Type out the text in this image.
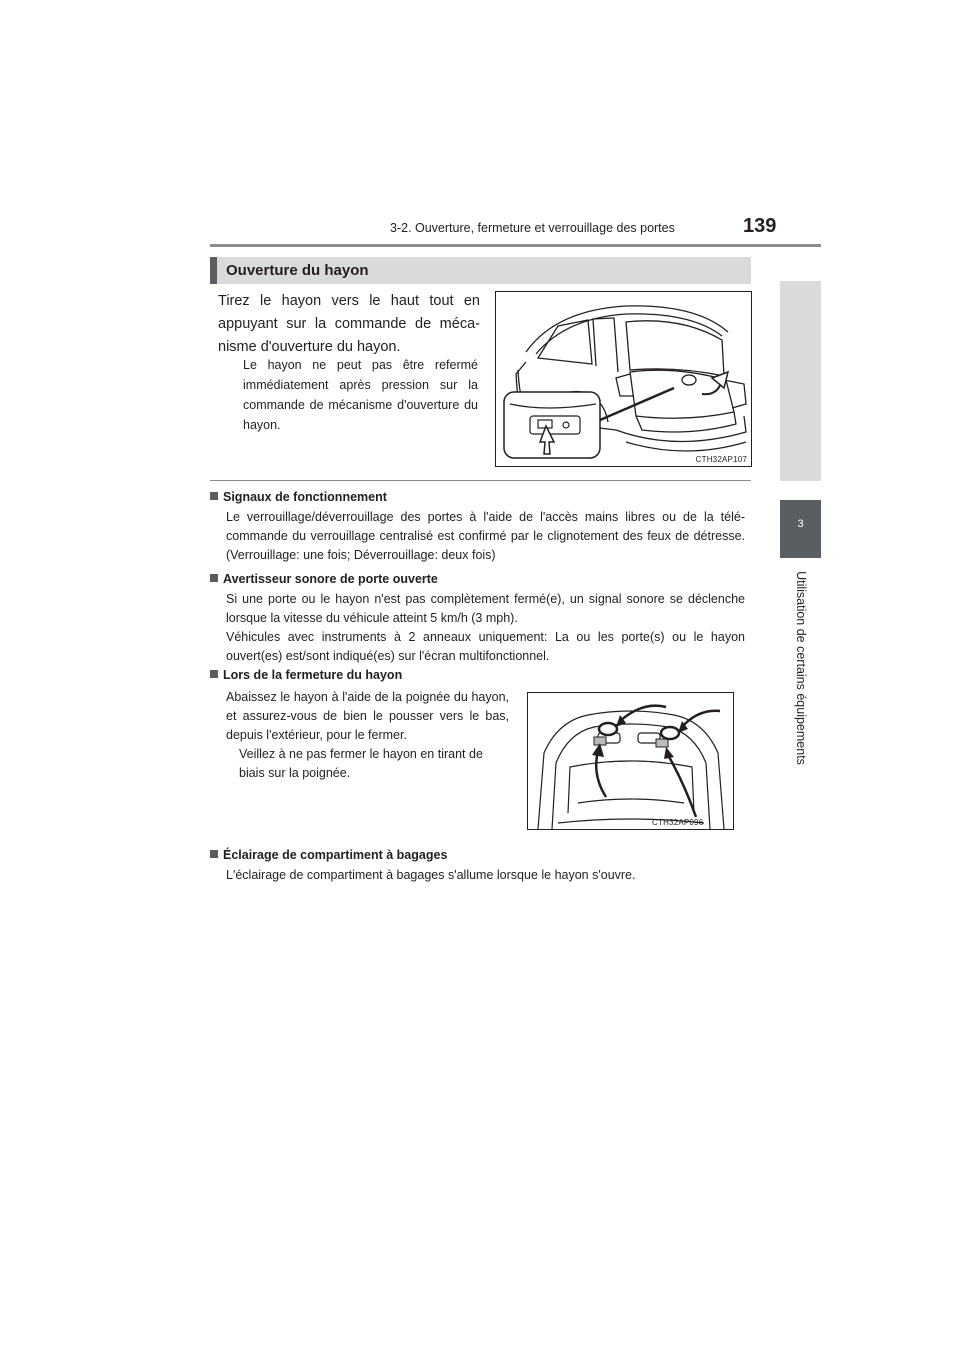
3-2. Ouverture, fermeture et verrouillage des portes	139
3
Utilisation de certains équipements
Ouverture du hayon
Tirez le hayon vers le haut tout en appuyant sur la commande de mécanisme d'ouverture du hayon.
Le hayon ne peut pas être refermé immédiatement après pression sur la commande de mécanisme d'ouverture du hayon.
CTH32AP107
Signaux de fonctionnement
Le verrouillage/déverrouillage des portes à l'aide de l'accès mains libres ou de la télécommande du verrouillage centralisé est confirmé par le clignotement des feux de détresse. (Verrouillage: une fois; Déverrouillage: deux fois)
Avertisseur sonore de porte ouverte
Si une porte ou le hayon n'est pas complètement fermé(e), un signal sonore se déclenche lorsque la vitesse du véhicule atteint 5 km/h (3 mph).
Véhicules avec instruments à 2 anneaux uniquement: La ou les porte(s) ou le hayon ouvert(es) est/sont indiqué(es) sur l'écran multifonctionnel.
Lors de la fermeture du hayon
Abaissez le hayon à l'aide de la poignée du hayon, et assurez-vous de bien le pousser vers le bas, depuis l'extérieur, pour le fermer.
Veillez à ne pas fermer le hayon en tirant de biais sur la poignée.
CTH32AP096
Éclairage de compartiment à bagages
L'éclairage de compartiment à bagages s'allume lorsque le hayon s'ouvre.
